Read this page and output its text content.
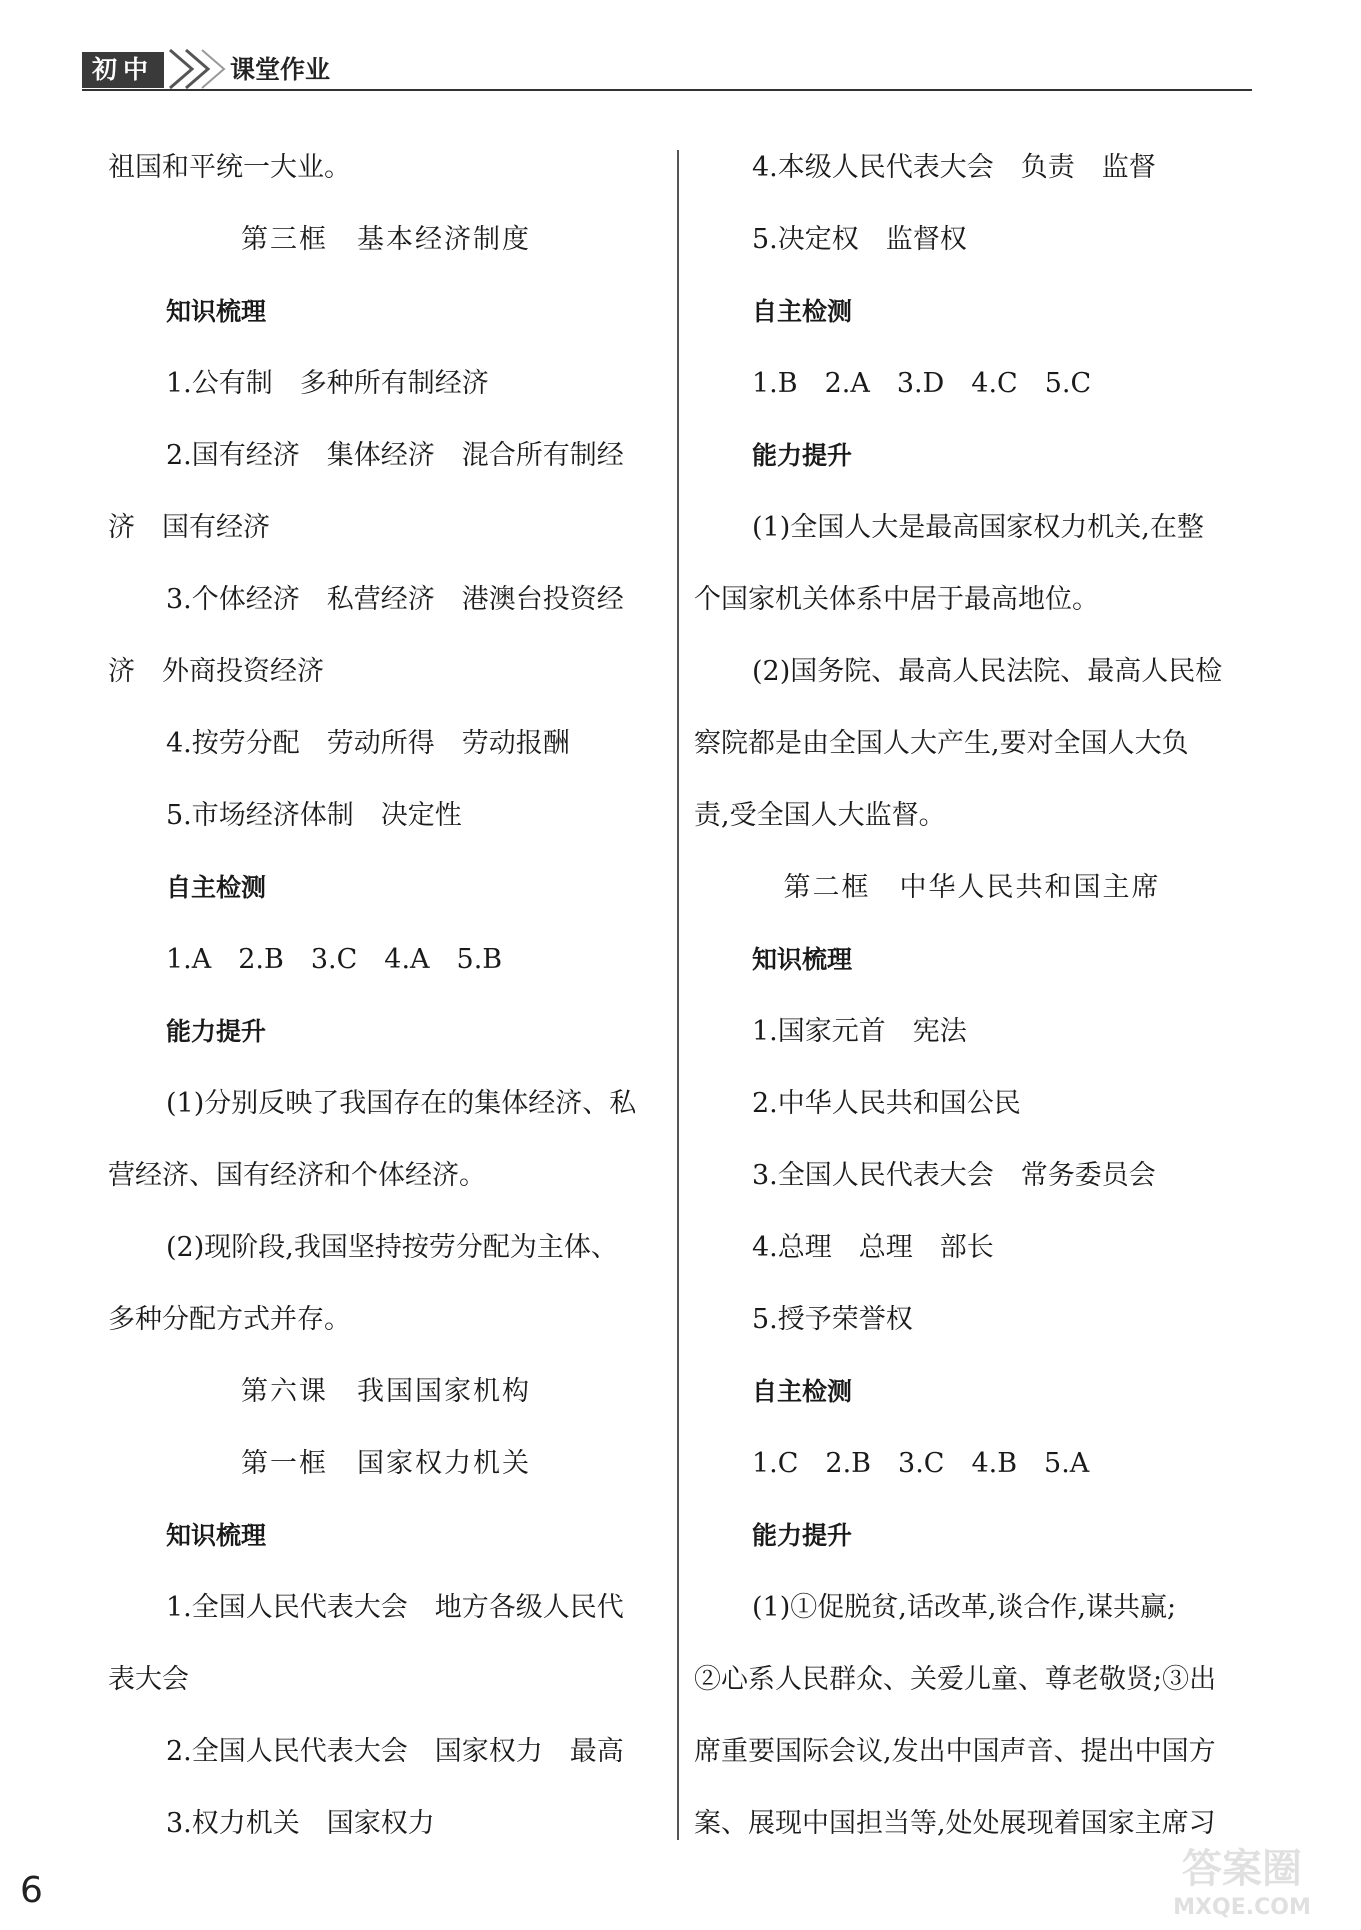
初中	课堂作业
祖国和平统一大业。
第三框　基本经济制度
知识梳理
1.公有制　多种所有制经济
2.国有经济　集体经济　混合所有制经
济　国有经济
3.个体经济　私营经济　港澳台投资经
济　外商投资经济
4.按劳分配　劳动所得　劳动报酬
5.市场经济体制　决定性
自主检测
1.A　2.B　3.C　4.A　5.B
能力提升
(1)分别反映了我国存在的集体经济、私
营经济、国有经济和个体经济。
(2)现阶段,我国坚持按劳分配为主体、
多种分配方式并存。
第六课　我国国家机构
第一框　国家权力机关
知识梳理
1.全国人民代表大会　地方各级人民代
表大会
2.全国人民代表大会　国家权力　最高
3.权力机关　国家权力
4.本级人民代表大会　负责　监督
5.决定权　监督权
自主检测
1.B　2.A　3.D　4.C　5.C
能力提升
(1)全国人大是最高国家权力机关,在整
个国家机关体系中居于最高地位。
(2)国务院、最高人民法院、最高人民检
察院都是由全国人大产生,要对全国人大负
责,受全国人大监督。
第二框　中华人民共和国主席
知识梳理
1.国家元首　宪法
2.中华人民共和国公民
3.全国人民代表大会　常务委员会
4.总理　总理　部长
5.授予荣誉权
自主检测
1.C　2.B　3.C　4.B　5.A
能力提升
(1)①促脱贫,话改革,谈合作,谋共赢;
②心系人民群众、关爱儿童、尊老敬贤;③出
席重要国际会议,发出中国声音、提出中国方
案、展现中国担当等,处处展现着国家主席习
6	答案圈
MXQE.COM
